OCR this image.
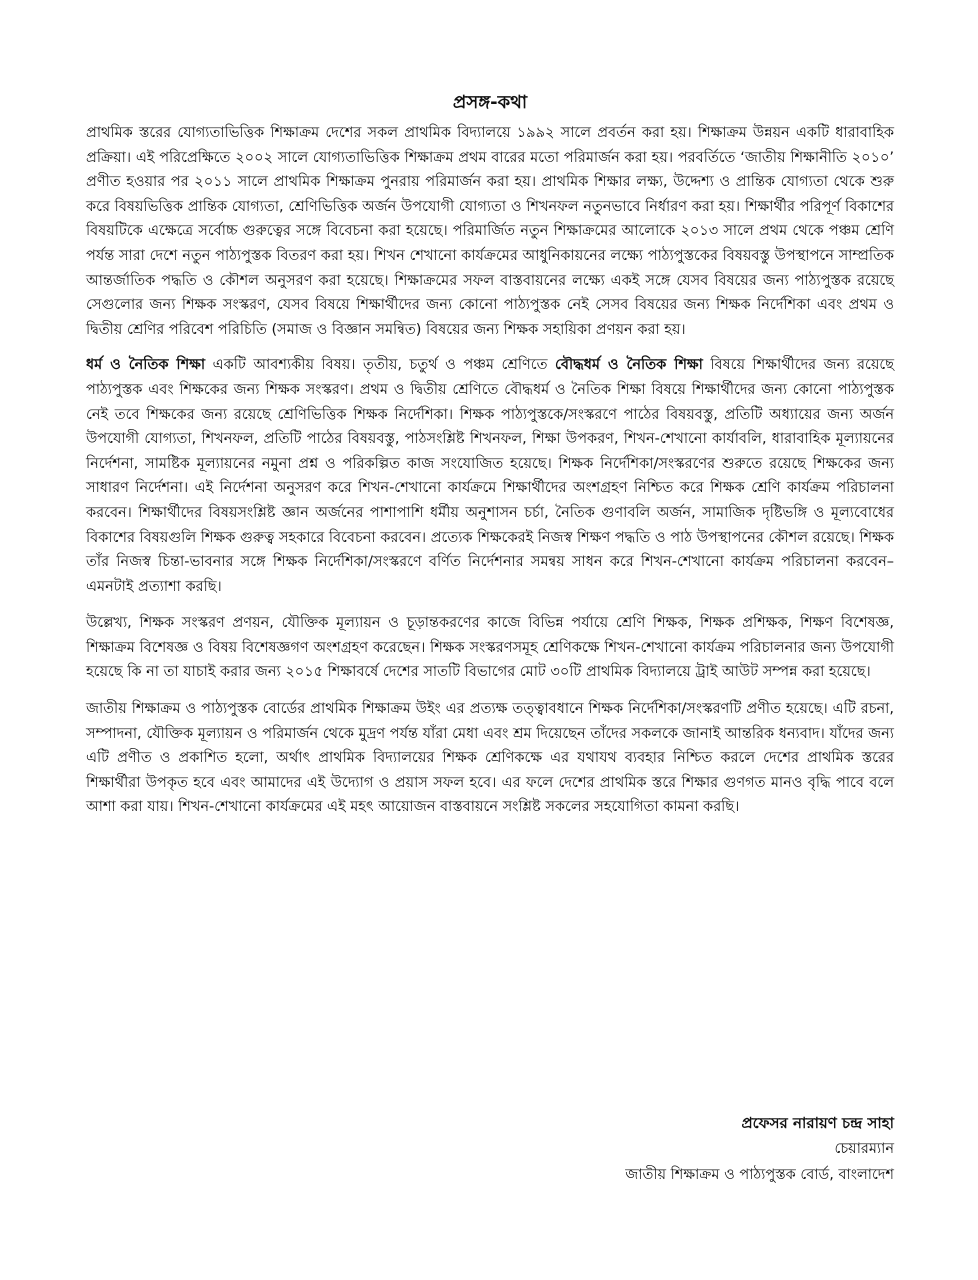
প্রসঙ্গ-কথা

প্রাথমিক স্তরের যোগ্যতাভিত্তিক শিক্ষাক্রম দেশের সকল প্রাথমিক বিদ্যালয়ে ১৯৯২ সালে প্রবর্তন করা হয়। শিক্ষাক্রম উন্নয়ন একটি ধারাবাহিক প্রক্রিয়া। এই পরিপ্রেক্ষিতে ২০০২ সালে যোগ্যতাভিত্তিক শিক্ষাক্রম প্রথম বারের মতো পরিমার্জন করা হয়। পরবর্তিতে ‘জাতীয় শিক্ষানীতি ২০১০’ প্রণীত হওয়ার পর ২০১১ সালে প্রাথমিক শিক্ষাক্রম পুনরায় পরিমার্জন করা হয়। প্রাথমিক শিক্ষার লক্ষ্য, উদ্দেশ্য ও প্রান্তিক যোগ্যতা থেকে শুরু করে বিষয়ভিত্তিক প্রান্তিক যোগ্যতা, শ্রেণিভিত্তিক অর্জন উপযোগী যোগ্যতা ও শিখনফল নতুনভাবে নির্ধারণ করা হয়। শিক্ষার্থীর পরিপূর্ণ বিকাশের বিষয়টিকে এক্ষেত্রে সর্বোচ্চ গুরুত্বের সঙ্গে বিবেচনা করা হয়েছে। পরিমার্জিত নতুন শিক্ষাক্রমের আলোকে ২০১৩ সালে প্রথম থেকে পঞ্চম শ্রেণি পর্যন্ত সারা দেশে নতুন পাঠ্যপুস্তক বিতরণ করা হয়। শিখন শেখানো কার্যক্রমের আধুনিকায়নের লক্ষ্যে পাঠ্যপুস্তকের বিষয়বস্তু উপস্থাপনে সাম্প্রতিক আন্তর্জাতিক পদ্ধতি ও কৌশল অনুসরণ করা হয়েছে। শিক্ষাক্রমের সফল বাস্তবায়নের লক্ষ্যে একই সঙ্গে যেসব বিষয়ের জন্য পাঠ্যপুস্তক রয়েছে সেগুলোর জন্য শিক্ষক সংস্করণ, যেসব বিষয়ে শিক্ষার্থীদের জন্য কোনো পাঠ্যপুস্তক নেই সেসব বিষয়ের জন্য শিক্ষক নির্দেশিকা এবং প্রথম ও দ্বিতীয় শ্রেণির পরিবেশ পরিচিতি (সমাজ ও বিজ্ঞান সমন্বিত) বিষয়ের জন্য শিক্ষক সহায়িকা প্রণয়ন করা হয়।

ধর্ম ও নৈতিক শিক্ষা একটি আবশ্যকীয় বিষয়। তৃতীয়, চতুর্থ ও পঞ্চম শ্রেণিতে বৌদ্ধধর্ম ও নৈতিক শিক্ষা বিষয়ে শিক্ষার্থীদের জন্য রয়েছে পাঠ্যপুস্তক এবং শিক্ষকের জন্য শিক্ষক সংস্করণ। প্রথম ও দ্বিতীয় শ্রেণিতে বৌদ্ধধর্ম ও নৈতিক শিক্ষা বিষয়ে শিক্ষার্থীদের জন্য কোনো পাঠ্যপুস্তক নেই তবে শিক্ষকের জন্য রয়েছে শ্রেণিভিত্তিক শিক্ষক নির্দেশিকা। শিক্ষক পাঠ্যপুস্তকে/সংস্করণে পাঠের বিষয়বস্তু, প্রতিটি অধ্যায়ের জন্য অর্জন উপযোগী যোগ্যতা, শিখনফল, প্রতিটি পাঠের বিষয়বস্তু, পাঠসংশ্লিষ্ট শিখনফল, শিক্ষা উপকরণ, শিখন-শেখানো কার্যাবলি, ধারাবাহিক মূল্যায়নের নির্দেশনা, সামষ্টিক মূল্যায়নের নমুনা প্রশ্ন ও পরিকল্পিত কাজ সংযোজিত হয়েছে। শিক্ষক নির্দেশিকা/সংস্করণের শুরুতে রয়েছে শিক্ষকের জন্য সাধারণ নির্দেশনা। এই নির্দেশনা অনুসরণ করে শিখন-শেখানো কার্যক্রমে শিক্ষার্থীদের অংশগ্রহণ নিশ্চিত করে শিক্ষক শ্রেণি কার্যক্রম পরিচালনা করবেন। শিক্ষার্থীদের বিষয়সংশ্লিষ্ট জ্ঞান অর্জনের পাশাপাশি ধর্মীয় অনুশাসন চর্চা, নৈতিক গুণাবলি অর্জন, সামাজিক দৃষ্টিভঙ্গি ও মূল্যবোধের বিকাশের বিষয়গুলি শিক্ষক গুরুত্ব সহকারে বিবেচনা করবেন। প্রত্যেক শিক্ষকেরই নিজস্ব শিক্ষণ পদ্ধতি ও পাঠ উপস্থাপনের কৌশল রয়েছে। শিক্ষক তাঁর নিজস্ব চিন্তা-ভাবনার সঙ্গে শিক্ষক নির্দেশিকা/সংস্করণে বর্ণিত নির্দেশনার সমন্বয় সাধন করে শিখন-শেখানো কার্যক্রম পরিচালনা করবেন– এমনটাই প্রত্যাশা করছি।

উল্লেখ্য, শিক্ষক সংস্করণ প্রণয়ন, যৌক্তিক মূল্যায়ন ও চূড়ান্তকরণের কাজে বিভিন্ন পর্যায়ে শ্রেণি শিক্ষক, শিক্ষক প্রশিক্ষক, শিক্ষণ বিশেষজ্ঞ, শিক্ষাক্রম বিশেষজ্ঞ ও বিষয় বিশেষজ্ঞগণ অংশগ্রহণ করেছেন। শিক্ষক সংস্করণসমূহ শ্রেণিকক্ষে শিখন-শেখানো কার্যক্রম পরিচালনার জন্য উপযোগী হয়েছে কি না তা যাচাই করার জন্য ২০১৫ শিক্ষাবর্ষে দেশের সাতটি বিভাগের মোট ৩০টি প্রাথমিক বিদ্যালয়ে ট্রাই আউট সম্পন্ন করা হয়েছে।

জাতীয় শিক্ষাক্রম ও পাঠ্যপুস্তক বোর্ডের প্রাথমিক শিক্ষাক্রম উইং এর প্রত্যক্ষ তত্ত্বাবধানে শিক্ষক নির্দেশিকা/সংস্করণটি প্রণীত হয়েছে। এটি রচনা, সম্পাদনা, যৌক্তিক মূল্যায়ন ও পরিমার্জন থেকে মুদ্রণ পর্যন্ত যাঁরা মেধা এবং শ্রম দিয়েছেন তাঁদের সকলকে জানাই আন্তরিক ধন্যবাদ। যাঁদের জন্য এটি প্রণীত ও প্রকাশিত হলো, অর্থাৎ প্রাথমিক বিদ্যালয়ের শিক্ষক শ্রেণিকক্ষে এর যথাযথ ব্যবহার নিশ্চিত করলে দেশের প্রাথমিক স্তরের শিক্ষার্থীরা উপকৃত হবে এবং আমাদের এই উদ্যোগ ও প্রয়াস সফল হবে। এর ফলে দেশের প্রাথমিক স্তরে শিক্ষার গুণগত মানও বৃদ্ধি পাবে বলে আশা করা যায়। শিখন-শেখানো কার্যক্রমের এই মহৎ আয়োজন বাস্তবায়নে সংশ্লিষ্ট সকলের সহযোগিতা কামনা করছি।

প্রফেসর নারায়ণ চন্দ্র সাহা
চেয়ারম্যান
জাতীয় শিক্ষাক্রম ও পাঠ্যপুস্তক বোর্ড, বাংলাদেশ
